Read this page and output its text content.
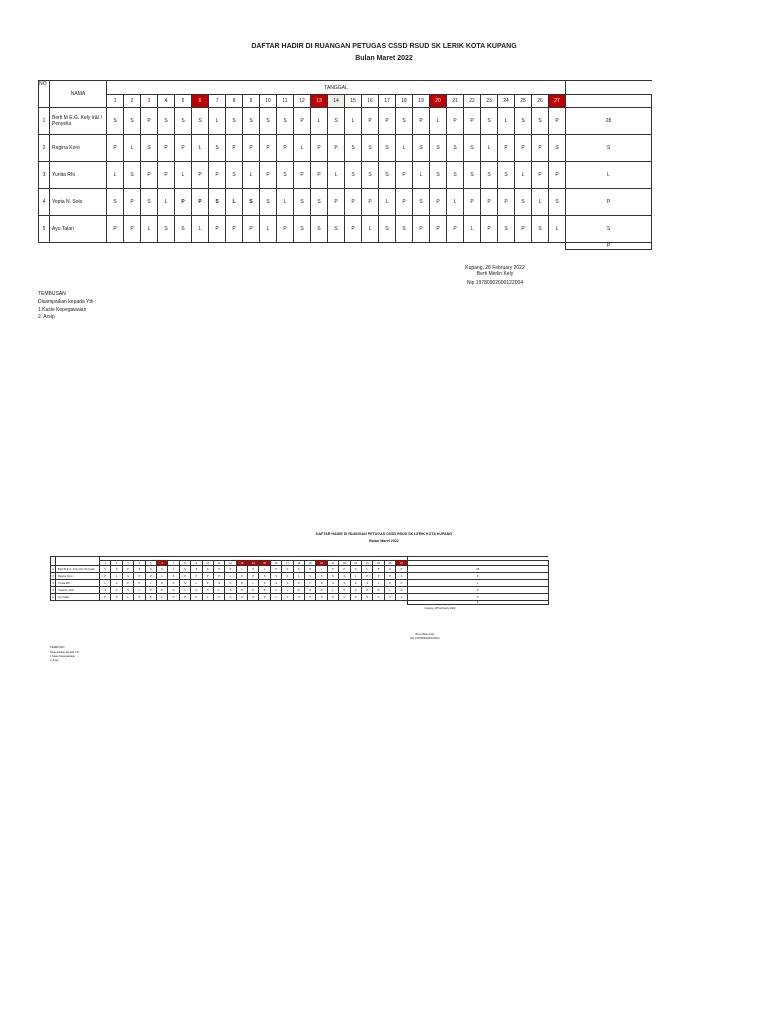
DAFTAR HADIR DI RUANGAN PETUGAS CSSD RSUD SK LERIK KOTA KUPANG
Bulan Maret 2022
NO	NAMA	TANGGAL																											
		1	2	3	4	5	6	7	8	9	10	11	12	13	14	15	16	17	18	19	20	21	22	23	24	25	26	27	
1	Berti M E.G. Kely Ir&l / Penyelia	S	S	P	S	S	S	L	S	S	S	S	P	L	S	L	P	P	S	P	L	P	P	S	L	S	S	P	28
2	Regina Koro	P	L	S	P	P	L	S	P	P	P	P	L	P	P	S	S	S	L	S	S	S	S	L	P	P	P	S	S
3	Yunita Rhi	L	S	P	P	L	P	P	S	L	P	S	P	P	L	S	S	S	P	L	S	S	S	S	S	L	P	P	L
4	Yepta N. Solo	S	P	S	L	P	P	S	L	S	S	L	S	S	P	P	P	L	P	S	P	L	P	P	P	S	L	S	P
5	Ayu Talan	P	P	L	S	S	L	P	P	P	L	P	S	S	S	P	L	S	S	P	P	P	L	P	S	P	S	L	S
																													P
Kupang, 28 February 2022
Berti Merlin Kely
Nip 19780902000122004
TEMBUSAN
Disampaikan kepada Yth :
1.Kasie Kepegawaian
2. Arsip
DAFTAR HADIR DI RUANGAN PETUGAS CSSD RSUD SK LERIK KOTA KUPANG
Bulan Maret 2022

		1	2	3	4	5	6	7	8	9	10	11	12	13	14	15	16	17	18	19	20	21	22	23	24	25	26	27	
1	Berti M E.G. Kely Ir&l / Penyelia	S	S	P	S	S	S	L	S	S	S	S	P	L	S	L	P	P	S	P	L	P	P	S	L	S	S	P	28
2	Regina Koro	P	L	S	P	P	L	S	P	P	P	P	L	P	P	S	S	S	L	S	S	S	S	L	P	P	P	S	S
3	Yunita Rhi	L	S	P	P	L	P	P	S	L	P	S	P	P	L	S	S	S	P	L	S	S	S	S	S	L	P	P	L
4	Yepta N. Solo	S	P	S	L	P	P	S	L	S	S	L	S	S	P	P	P	L	P	S	P	L	P	P	P	S	L	S	P
5	Ayu Talan	P	P	L	S	S	L	P	P	P	L	P	S	S	S	P	L	S	S	P	P	P	L	P	S	P	S	L	S
																													P
Kupang, 28 February 2022
Berti Merlin Kely
Nip 19780902000122004
TEMBUSAN
Disampaikan kepada Yth :
1.Kasie Kepegawaian
2. Arsip
